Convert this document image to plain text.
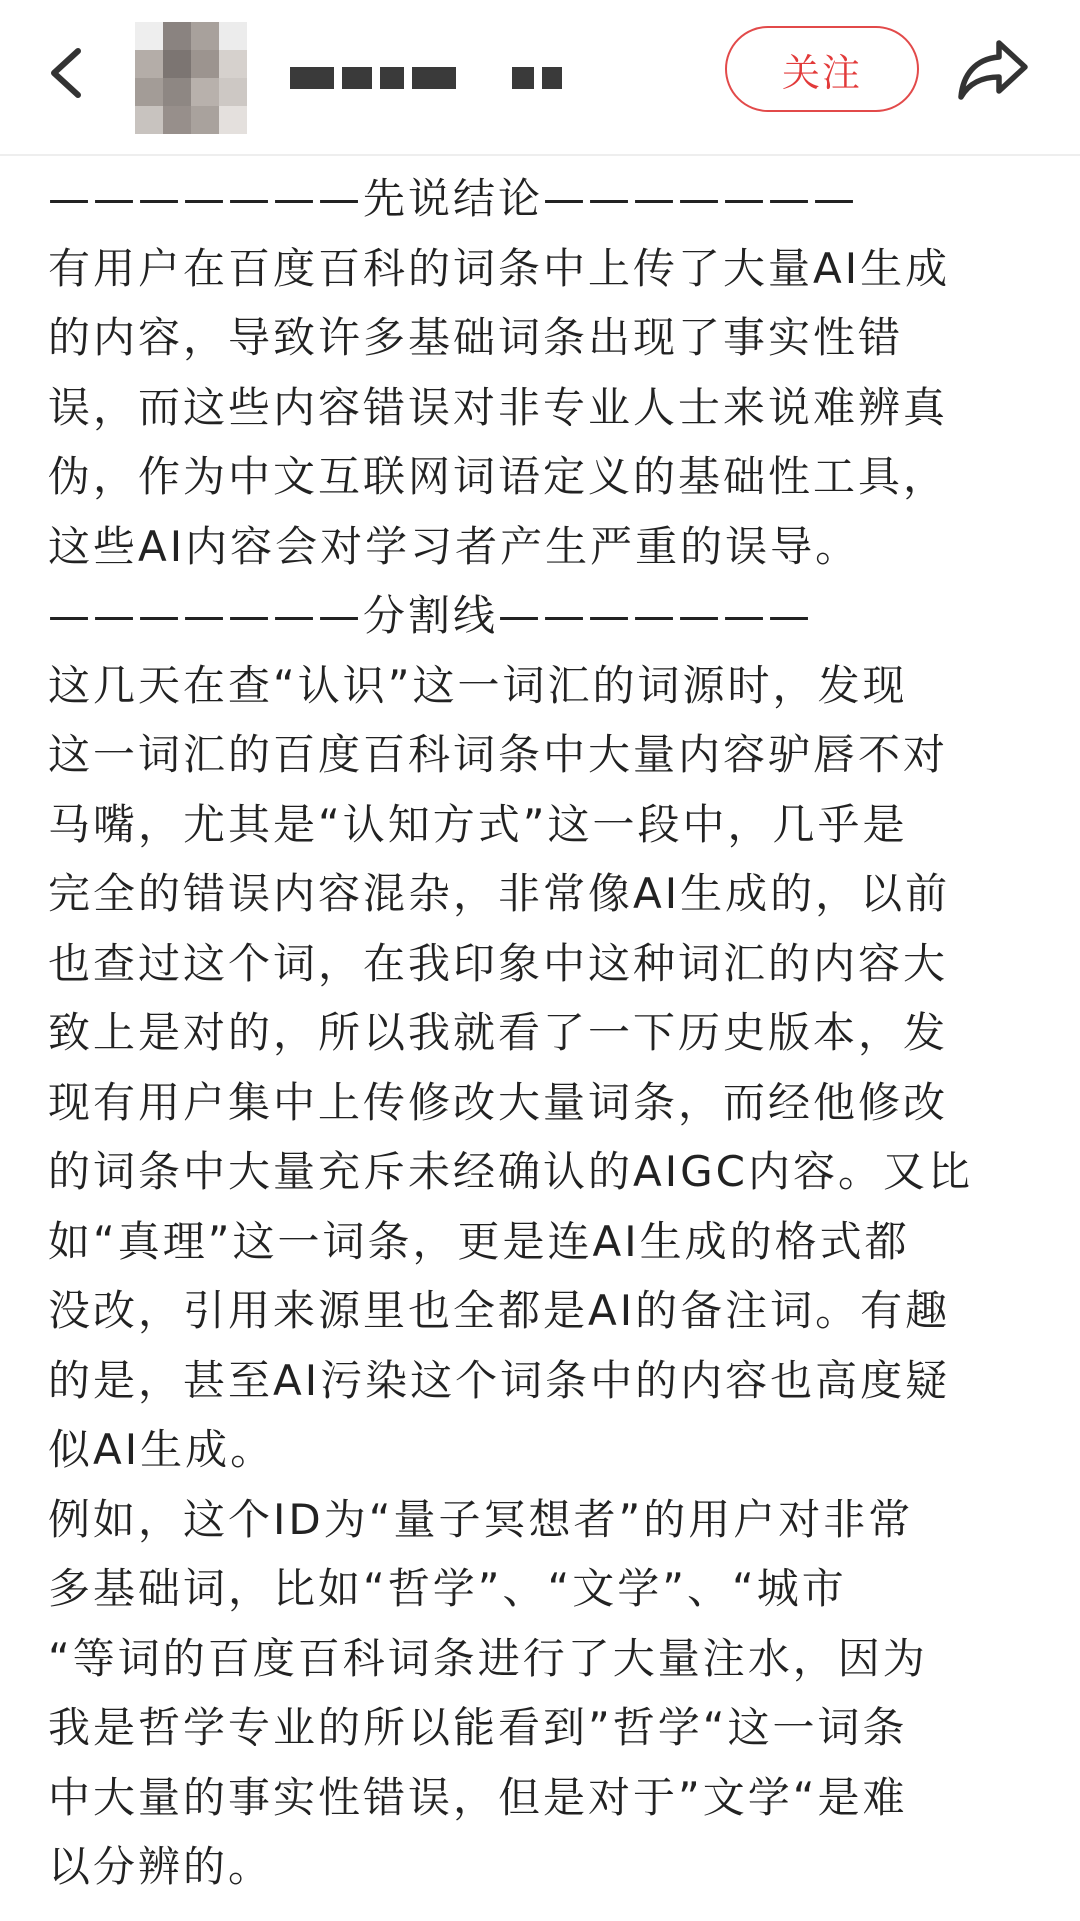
关注
———————先说结论———————
有用户在百度百科的词条中上传了大量AI生成
的内容，导致许多基础词条出现了事实性错
误，而这些内容错误对非专业人士来说难辨真
伪，作为中文互联网词语定义的基础性工具，
这些AI内容会对学习者产生严重的误导。
———————分割线———————
这几天在查“认识”这一词汇的词源时，发现
这一词汇的百度百科词条中大量内容驴唇不对
马嘴，尤其是“认知方式”这一段中，几乎是
完全的错误内容混杂，非常像AI生成的，以前
也查过这个词，在我印象中这种词汇的内容大
致上是对的，所以我就看了一下历史版本，发
现有用户集中上传修改大量词条，而经他修改
的词条中大量充斥未经确认的AIGC内容。又比
如“真理”这一词条，更是连AI生成的格式都
没改，引用来源里也全都是AI的备注词。有趣
的是，甚至AI污染这个词条中的内容也高度疑
似AI生成。
例如，这个ID为“量子冥想者”的用户对非常
多基础词，比如“哲学”、“文学”、“城市
“等词的百度百科词条进行了大量注水，因为
我是哲学专业的所以能看到”哲学“这一词条
中大量的事实性错误，但是对于”文学“是难
以分辨的。
